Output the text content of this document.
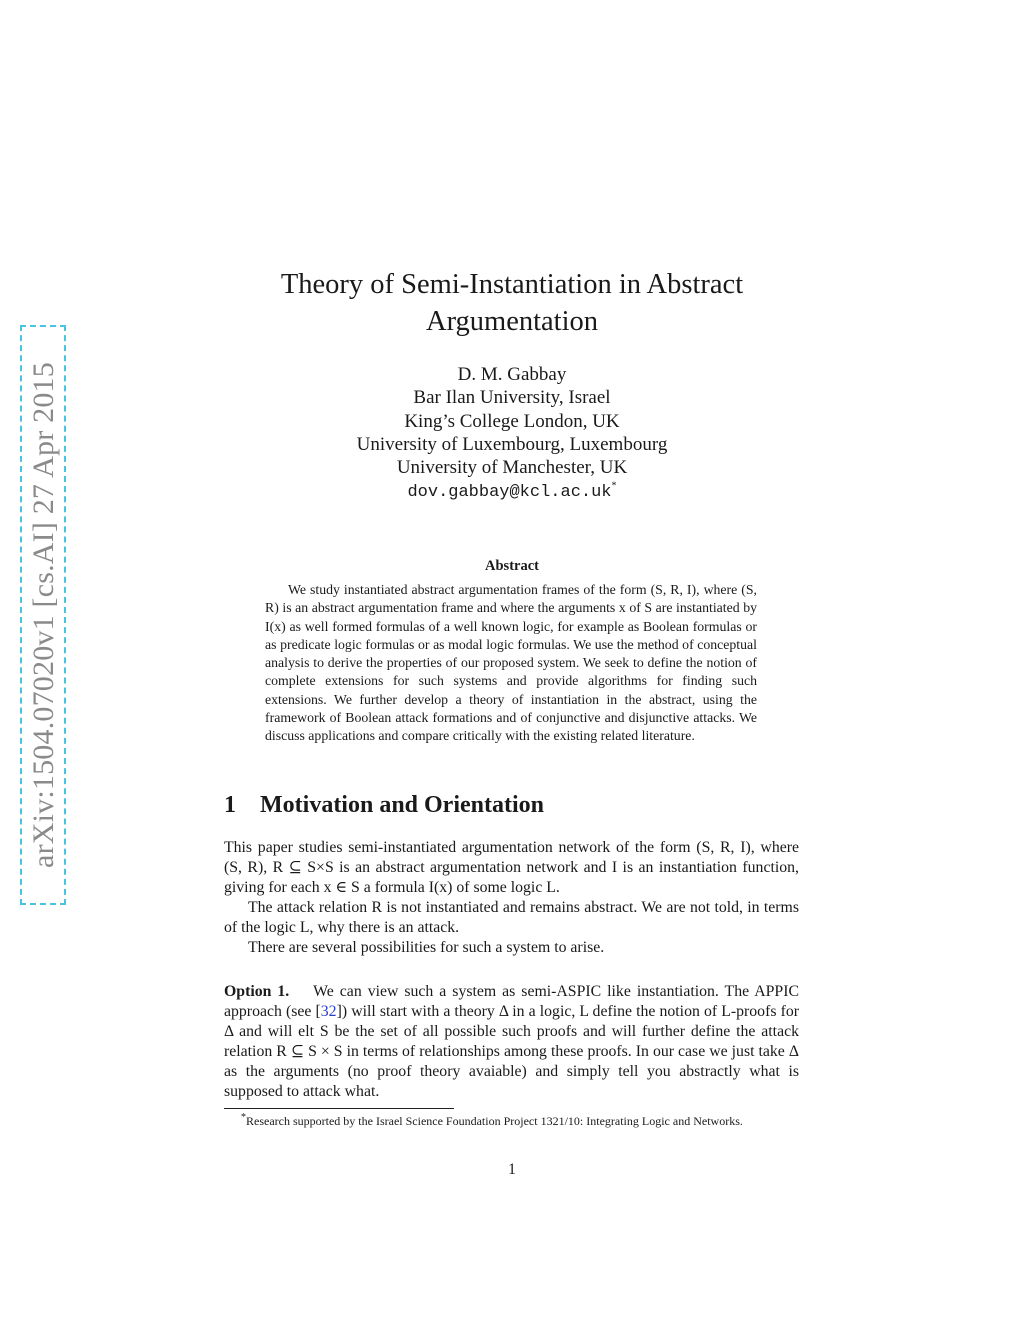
arXiv:1504.07020v1 [cs.AI] 27 Apr 2015
Theory of Semi-Instantiation in Abstract
Argumentation
D. M. Gabbay
Bar Ilan University, Israel
King’s College London, UK
University of Luxembourg, Luxembourg
University of Manchester, UK
dov.gabbay@kcl.ac.uk*
Abstract

We study instantiated abstract argumentation frames of the form (S, R, I), where (S, R) is an abstract argumentation frame and where the arguments x of S are instantiated by I(x) as well formed formulas of a well known logic, for example as Boolean formulas or as predicate logic formulas or as modal logic formulas. We use the method of conceptual analysis to derive the properties of our proposed system. We seek to define the notion of complete extensions for such systems and provide algorithms for finding such extensions. We further develop a theory of instantiation in the abstract, using the framework of Boolean attack formations and of conjunctive and disjunctive attacks. We discuss applications and compare critically with the existing related literature.

1 Motivation and Orientation

This paper studies semi-instantiated argumentation network of the form (S, R, I), where (S, R), R ⊆ S×S is an abstract argumentation network and I is an instantiation function, giving for each x ∈ S a formula I(x) of some logic L.

The attack relation R is not instantiated and remains abstract. We are not told, in terms of the logic L, why there is an attack.

There are several possibilities for such a system to arise.

Option 1. We can view such a system as semi-ASPIC like instantiation. The APPIC approach (see [32]) will start with a theory Δ in a logic, L define the notion of L-proofs for Δ and will elt S be the set of all possible such proofs and will further define the attack relation R ⊆ S × S in terms of relationships among these proofs. In our case we just take Δ as the arguments (no proof theory avaiable) and simply tell you abstractly what is supposed to attack what.

*Research supported by the Israel Science Foundation Project 1321/10: Integrating Logic and Networks.

1
